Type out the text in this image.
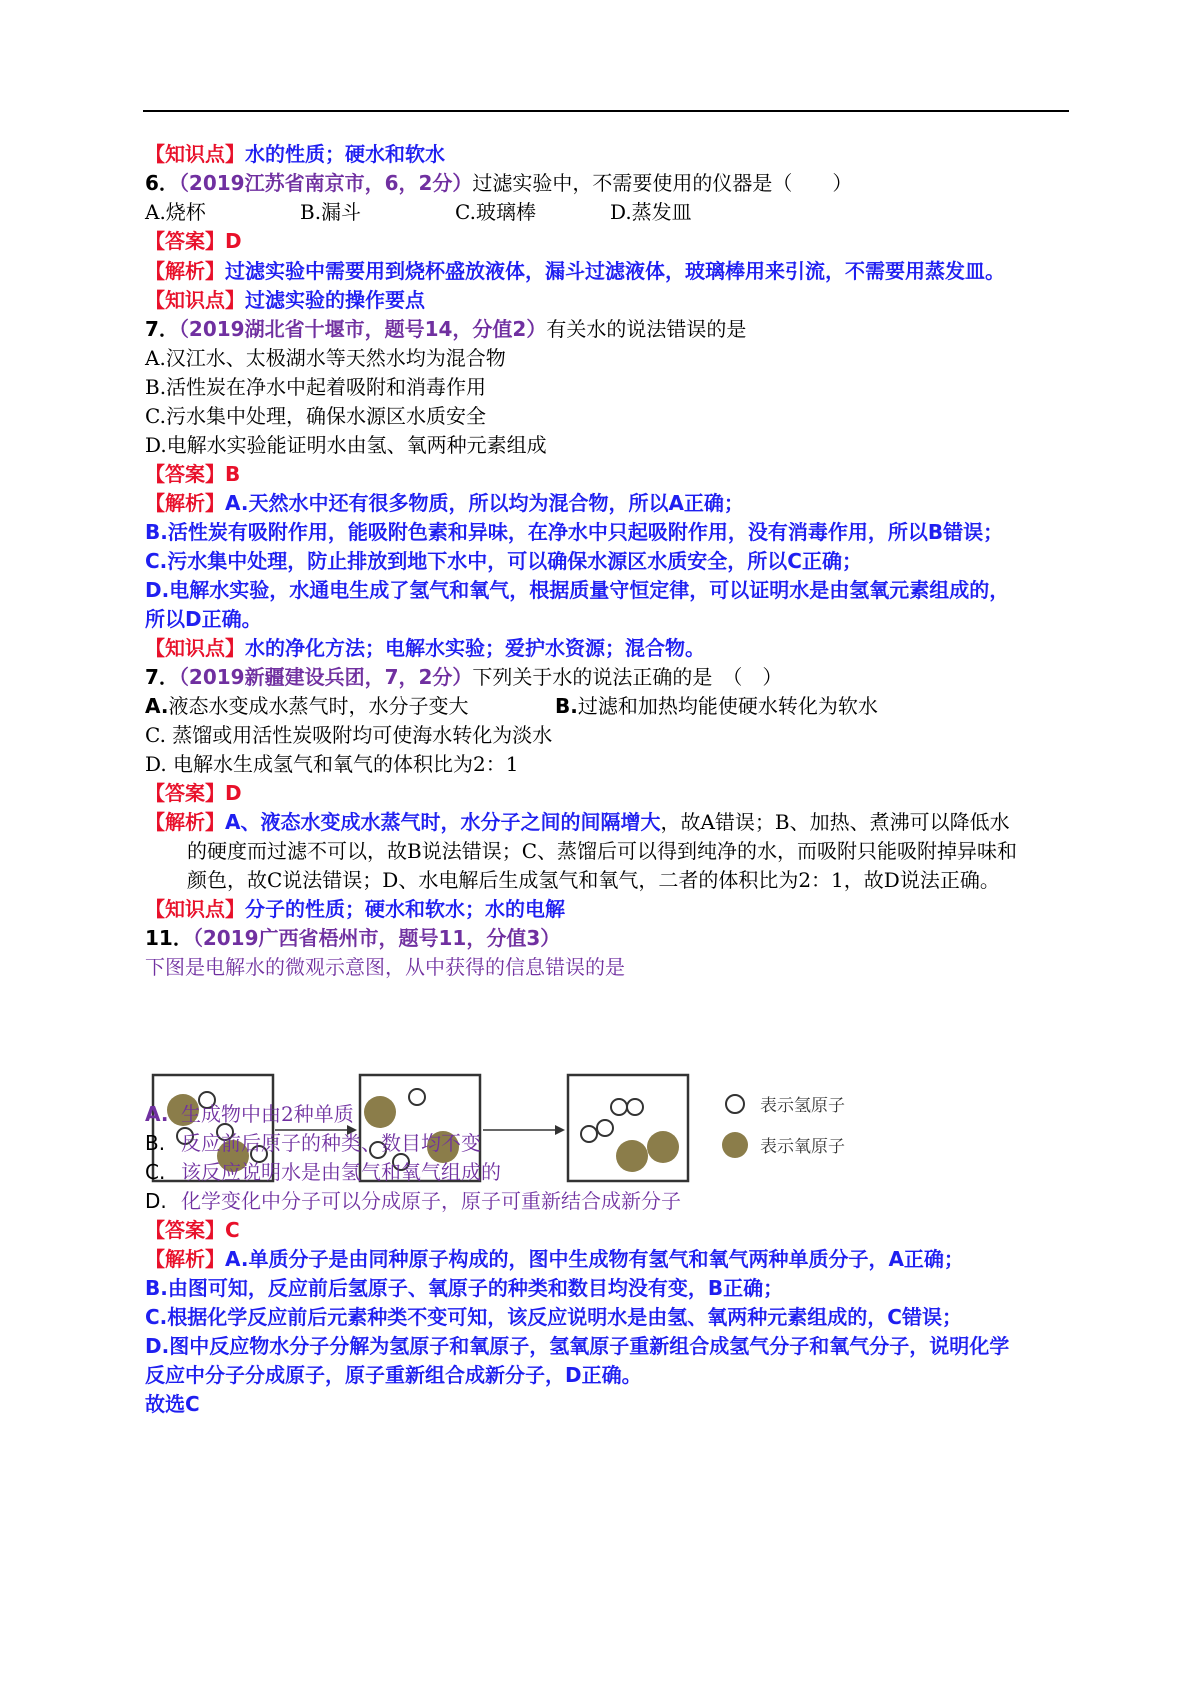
【知识点】水的性质；硬水和软水
6．（2019江苏省南京市，6，2分）过滤实验中，不需要使用的仪器是（　　）
A.烧杯	B.漏斗	C.玻璃棒	D.蒸发皿
【答案】D
【解析】过滤实验中需要用到烧杯盛放液体，漏斗过滤液体，玻璃棒用来引流，不需要用蒸发皿。
【知识点】过滤实验的操作要点
7．（2019湖北省十堰市，题号14，分值2）有关水的说法错误的是
A.汉江水、太极湖水等天然水均为混合物
B.活性炭在净水中起着吸附和消毒作用
C.污水集中处理，确保水源区水质安全
D.电解水实验能证明水由氢、氧两种元素组成
【答案】B
【解析】A.天然水中还有很多物质，所以均为混合物，所以A正确；
B.活性炭有吸附作用，能吸附色素和异味，在净水中只起吸附作用，没有消毒作用，所以B错误；
C.污水集中处理，防止排放到地下水中，可以确保水源区水质安全，所以C正确；
D.电解水实验，水通电生成了氢气和氧气，根据质量守恒定律，可以证明水是由氢氧元素组成的，
所以D正确。
【知识点】水的净化方法；电解水实验；爱护水资源；混合物。
7．（2019新疆建设兵团，7，2分）下列关于水的说法正确的是　（　）
A.液态水变成水蒸气时，水分子变大	B.过滤和加热均能使硬水转化为软水
C. 蒸馏或用活性炭吸附均可使海水转化为淡水
D. 电解水生成氢气和氧气的体积比为2：1
【答案】D
【解析】A、液态水变成水蒸气时，水分子之间的间隔增大，故A错误；B、加热、煮沸可以降低水
的硬度而过滤不可以，故B说法错误；C、蒸馏后可以得到纯净的水，而吸附只能吸附掉异味和
颜色，故C说法错误；D、水电解后生成氢气和氧气，二者的体积比为2：1，故D说法正确。
【知识点】分子的性质；硬水和软水；水的电解
11．（2019广西省梧州市，题号11，分值3）
下图是电解水的微观示意图，从中获得的信息错误的是
表示氢原子
表示氧原子
A. 生成物中由2种单质
B. 反应前后原子的种类、数目均不变
C. 该反应说明水是由氢气和氧气组成的
D. 化学变化中分子可以分成原子，原子可重新结合成新分子
【答案】C
【解析】A.单质分子是由同种原子构成的，图中生成物有氢气和氧气两种单质分子，A正确；
B.由图可知，反应前后氢原子、氧原子的种类和数目均没有变，B正确；
C.根据化学反应前后元素种类不变可知，该反应说明水是由氢、氧两种元素组成的，C错误；
D.图中反应物水分子分解为氢原子和氧原子，氢氧原子重新组合成氢气分子和氧气分子，说明化学
反应中分子分成原子，原子重新组合成新分子，D正确。
故选C
